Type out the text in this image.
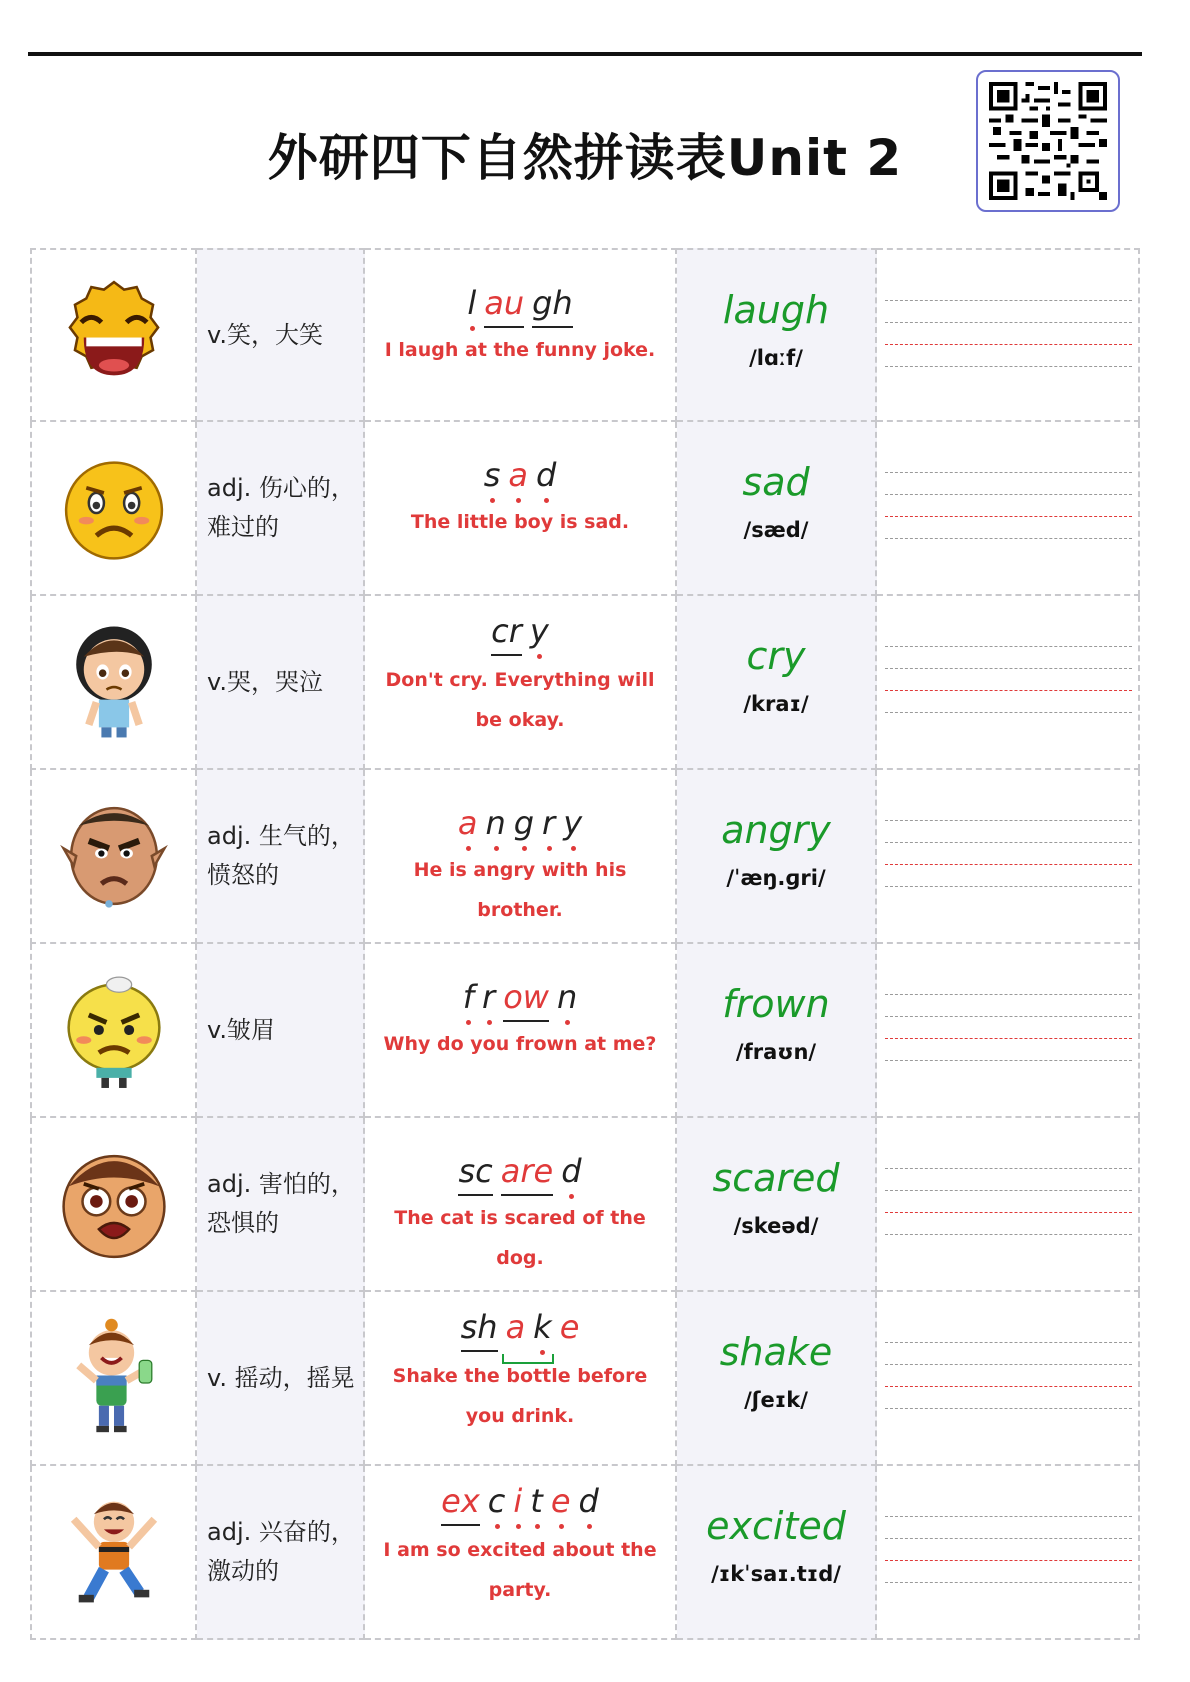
外研四下自然拼读表Unit 2
v.笑，大笑
l au gh
I laugh at the funny joke.
laugh
/lɑːf/
adj. 伤心的，难过的
s a d
The little boy is sad.
sad
/sæd/
v.哭，哭泣
cr y
Don't cry. Everything will be okay.
cry
/kraɪ/
adj. 生气的，愤怒的
a n g r y
He is angry with his brother.
angry
/ˈæŋ.ɡri/
v.皱眉
f r ow n
Why do you frown at me?
frown
/fraʊn/
adj. 害怕的，恐惧的
sc are d
The cat is scared of the dog.
scared
/skeəd/
v. 摇动，摇晃
sh a k e
Shake the bottle before you drink.
shake
/ʃeɪk/
adj. 兴奋的，激动的
ex c i t e d
I am so excited about the party.
excited
/ɪkˈsaɪ.tɪd/
